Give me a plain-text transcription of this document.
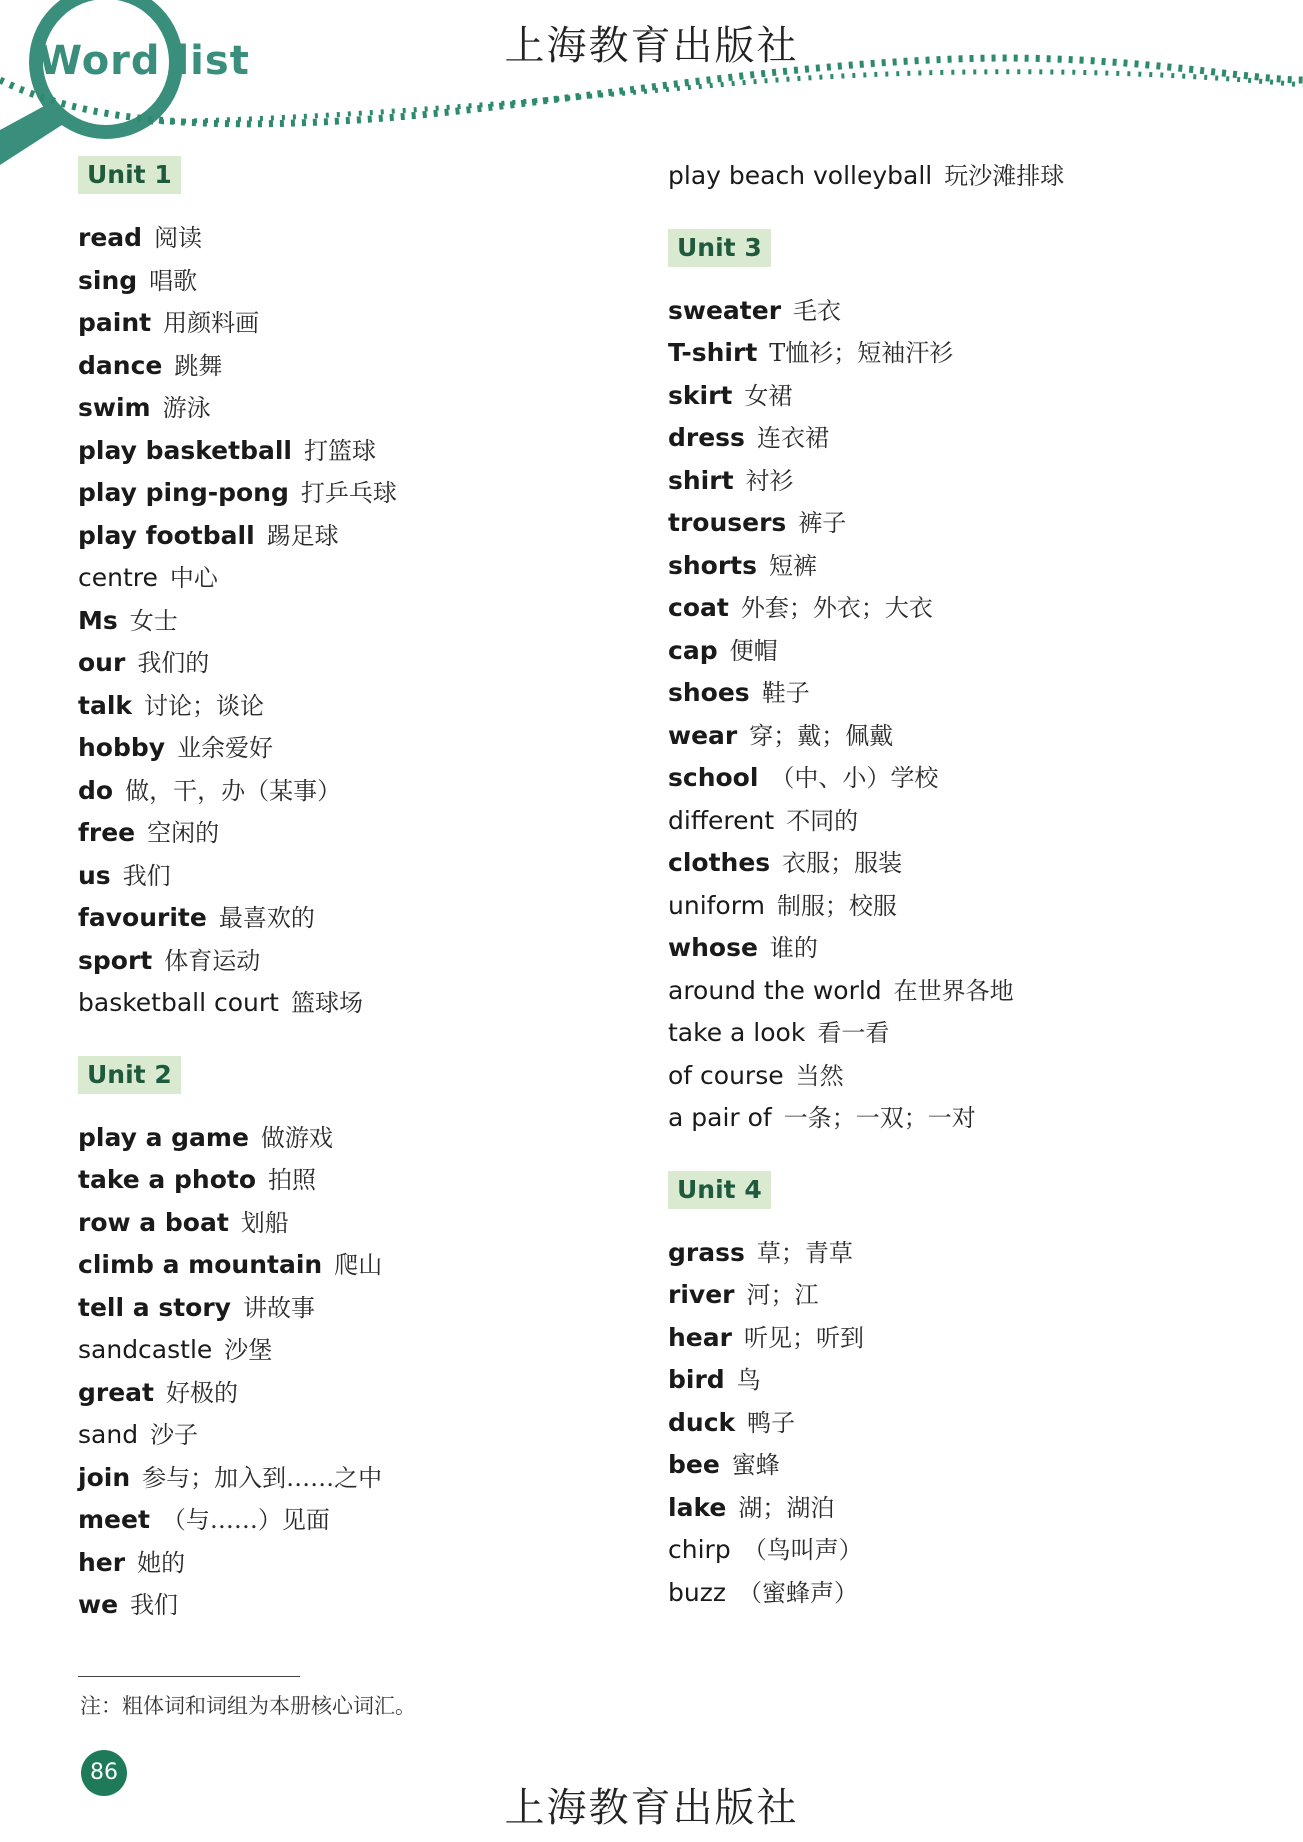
Word list	上海教育出版社
Unit 1
read 阅读
sing 唱歌
paint 用颜料画
dance 跳舞
swim 游泳
play basketball 打篮球
play ping-pong 打乒乓球
play football 踢足球
centre 中心
Ms 女士
our 我们的
talk 讨论；谈论
hobby 业余爱好
do 做，干，办（某事）
free 空闲的
us 我们
favourite 最喜欢的
sport 体育运动
basketball court 篮球场
Unit 2
play a game 做游戏
take a photo 拍照
row a boat 划船
climb a mountain 爬山
tell a story 讲故事
sandcastle 沙堡
great 好极的
sand 沙子
join 参与；加入到……之中
meet （与……）见面
her 她的
we 我们
play beach volleyball 玩沙滩排球
Unit 3
sweater 毛衣
T-shirt T恤衫；短袖汗衫
skirt 女裙
dress 连衣裙
shirt 衬衫
trousers 裤子
shorts 短裤
coat 外套；外衣；大衣
cap 便帽
shoes 鞋子
wear 穿；戴；佩戴
school （中、小）学校
different 不同的
clothes 衣服；服装
uniform 制服；校服
whose 谁的
around the world 在世界各地
take a look 看一看
of course 当然
a pair of 一条；一双；一对
Unit 4
grass 草；青草
river 河；江
hear 听见；听到
bird 鸟
duck 鸭子
bee 蜜蜂
lake 湖；湖泊
chirp （鸟叫声）
buzz （蜜蜂声）
注：粗体词和词组为本册核心词汇。
86
上海教育出版社
